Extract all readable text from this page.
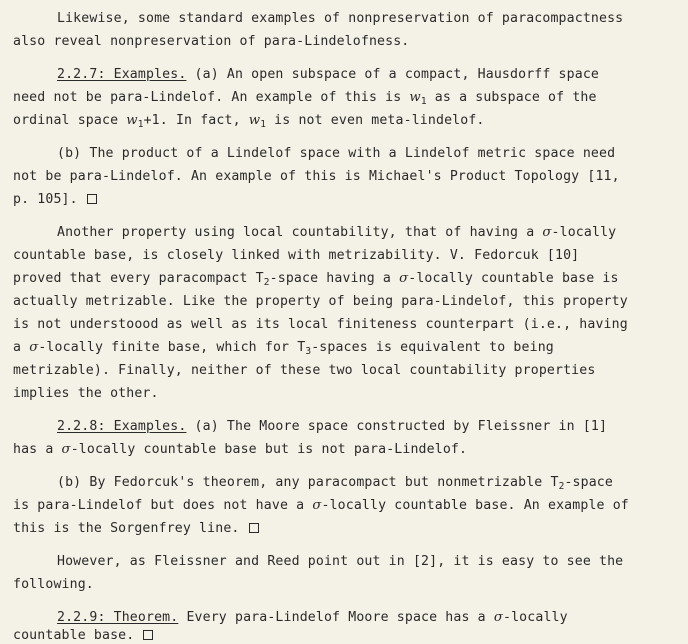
Likewise, some standard examples of nonpreservation of paracompactness
also reveal nonpreservation of para-Lindelofness.
2.2.7: Examples. (a) An open subspace of a compact, Hausdorff space
need not be para-Lindelof. An example of this is $w_1$ as a subspace of the
ordinal space $w_1+1$. In fact, $w_1$ is not even meta-lindelof.
(b) The product of a Lindelof space with a Lindelof metric space need
not be para-Lindelof. An example of this is Michael's Product Topology [11,
p. 105].
Another property using local countability, that of having a σ-locally
countable base, is closely linked with metrizability. V. Fedorcuk [10]
proved that every paracompact $T_2$-space having a σ-locally countable base is
actually metrizable. Like the property of being para-Lindelof, this property
is not understoood as well as its local finiteness counterpart (i.e., having
a σ-locally finite base, which for $T_3$-spaces is equivalent to being
metrizable). Finally, neither of these two local countability properties
implies the other.
2.2.8: Examples. (a) The Moore space constructed by Fleissner in [1]
has a σ-locally countable base but is not para-Lindelof.
(b) By Fedorcuk's theorem, any paracompact but nonmetrizable $T_2$-space
is para-Lindelof but does not have a σ-locally countable base. An example of
this is the Sorgenfrey line.
However, as Fleissner and Reed point out in [2], it is easy to see the
following.
2.2.9: Theorem. Every para-Lindelof Moore space has a σ-locally
countable base.
